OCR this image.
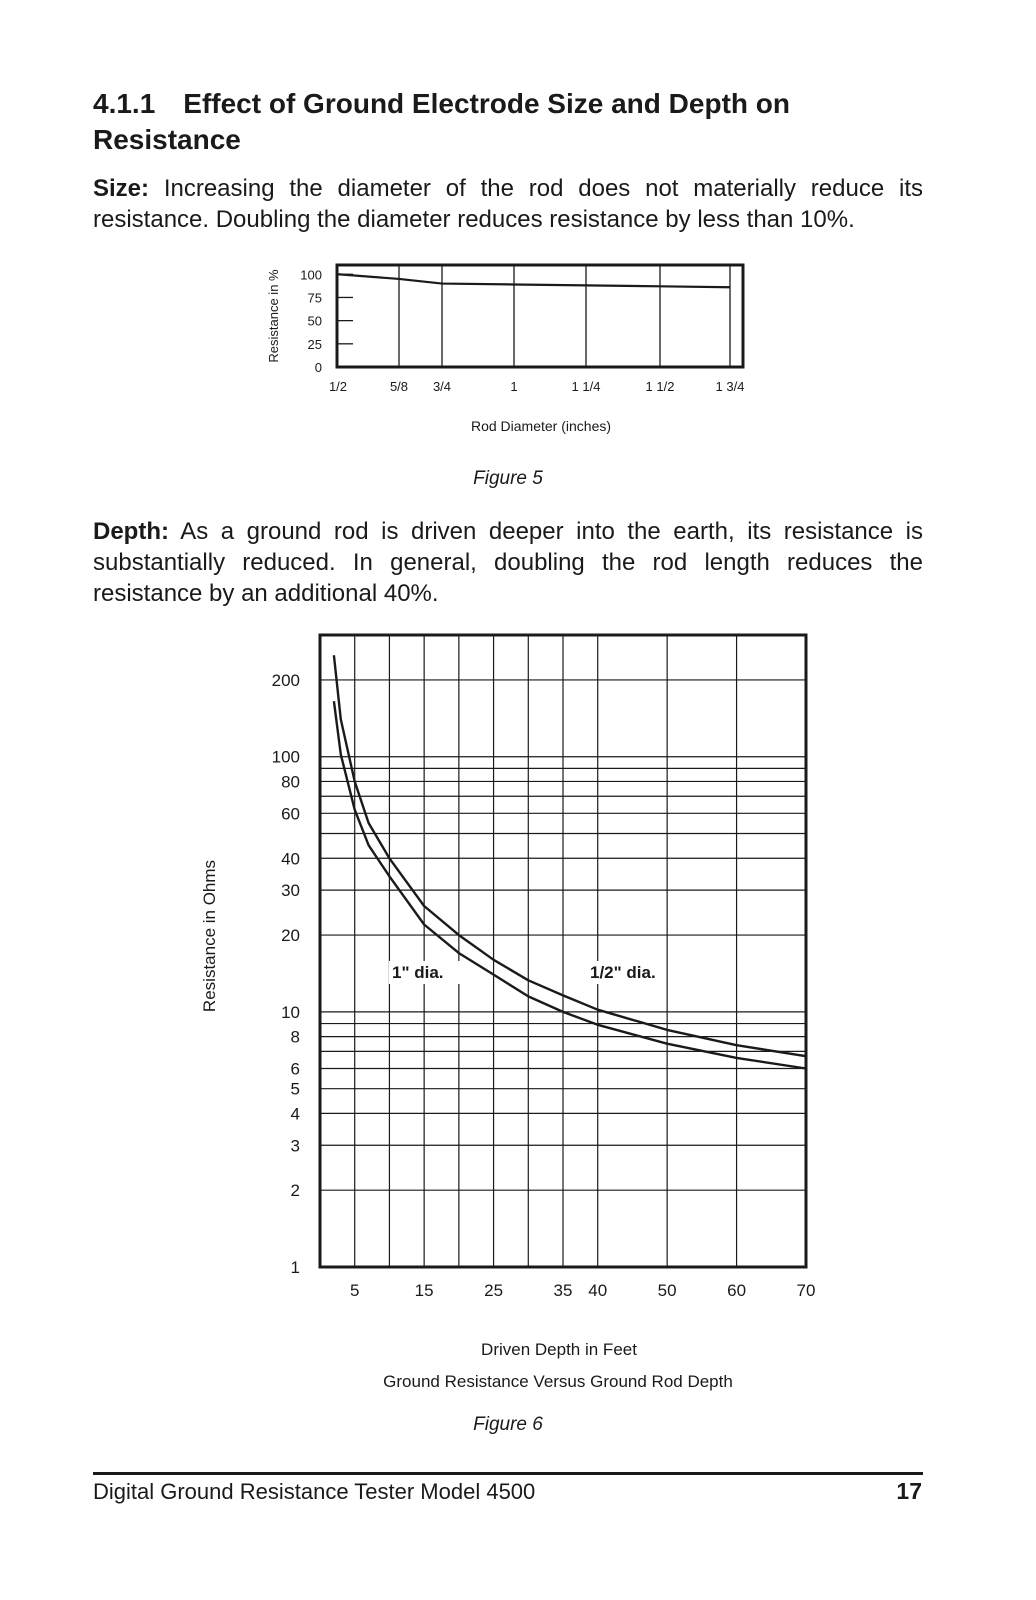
4.1.1 Effect of Ground Electrode Size and Depth on
Resistance

Size: Increasing the diameter of the rod does not materially reduce its resistance. Doubling the diameter reduces resistance by less than 10%.

0
25
50
75
100
1/2	5/8 3/4	1	1 1/4	1 1/2	1 3/4
Resistance in %
Rod Diameter (inches)
Figure 5

Depth: As a ground rod is driven deeper into the earth, its resistance is substantially reduced. In general, doubling the rod length reduces the resistance by an additional 40%.

1
2
3
4
5
6
8
10
20
30
40
60
80
100
200
5	15	25	35 40	50	60	70
1" dia.	1/2" dia.
Resistance in Ohms
Driven Depth in Feet
Ground Resistance Versus Ground Rod Depth
Figure 6
Digital Ground Resistance Tester Model 4500	17
